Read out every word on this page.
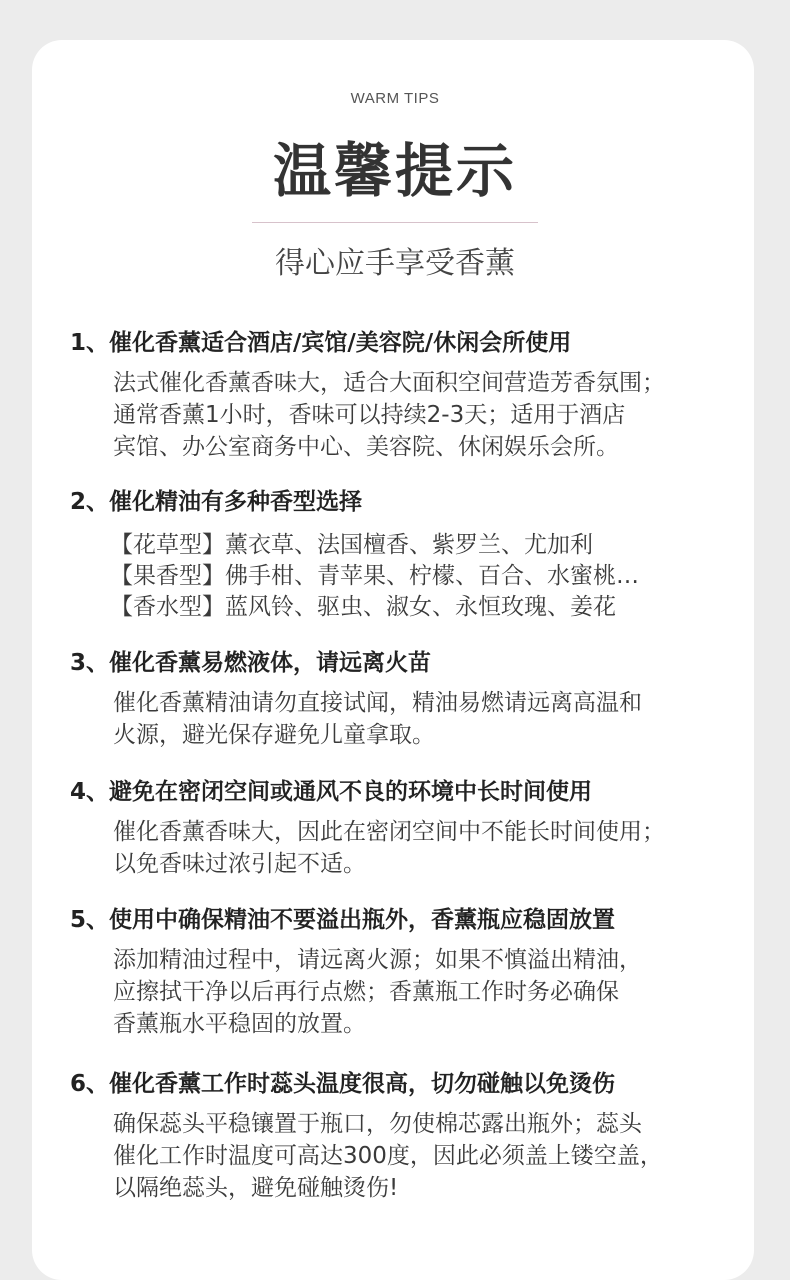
WARM TIPS
温馨提示
得心应手享受香薰
1、催化香薰适合酒店/宾馆/美容院/休闲会所使用
法式催化香薰香味大，适合大面积空间营造芳香氛围；
通常香薰1小时，香味可以持续2-3天；适用于酒店
宾馆、办公室商务中心、美容院、休闲娱乐会所。
2、催化精油有多种香型选择
【花草型】薰衣草、法国檀香、紫罗兰、尤加利
【果香型】佛手柑、青苹果、柠檬、百合、水蜜桃…
【香水型】蓝风铃、驱虫、淑女、永恒玫瑰、姜花
3、催化香薰易燃液体，请远离火苗
催化香薰精油请勿直接试闻，精油易燃请远离高温和
火源，避光保存避免儿童拿取。
4、避免在密闭空间或通风不良的环境中长时间使用
催化香薰香味大，因此在密闭空间中不能长时间使用；
以免香味过浓引起不适。
5、使用中确保精油不要溢出瓶外，香薰瓶应稳固放置
添加精油过程中，请远离火源；如果不慎溢出精油，
应擦拭干净以后再行点燃；香薰瓶工作时务必确保
香薰瓶水平稳固的放置。
6、催化香薰工作时蕊头温度很高，切勿碰触以免烫伤
确保蕊头平稳镶置于瓶口，勿使棉芯露出瓶外；蕊头
催化工作时温度可高达300度，因此必须盖上镂空盖，
以隔绝蕊头，避免碰触烫伤!
